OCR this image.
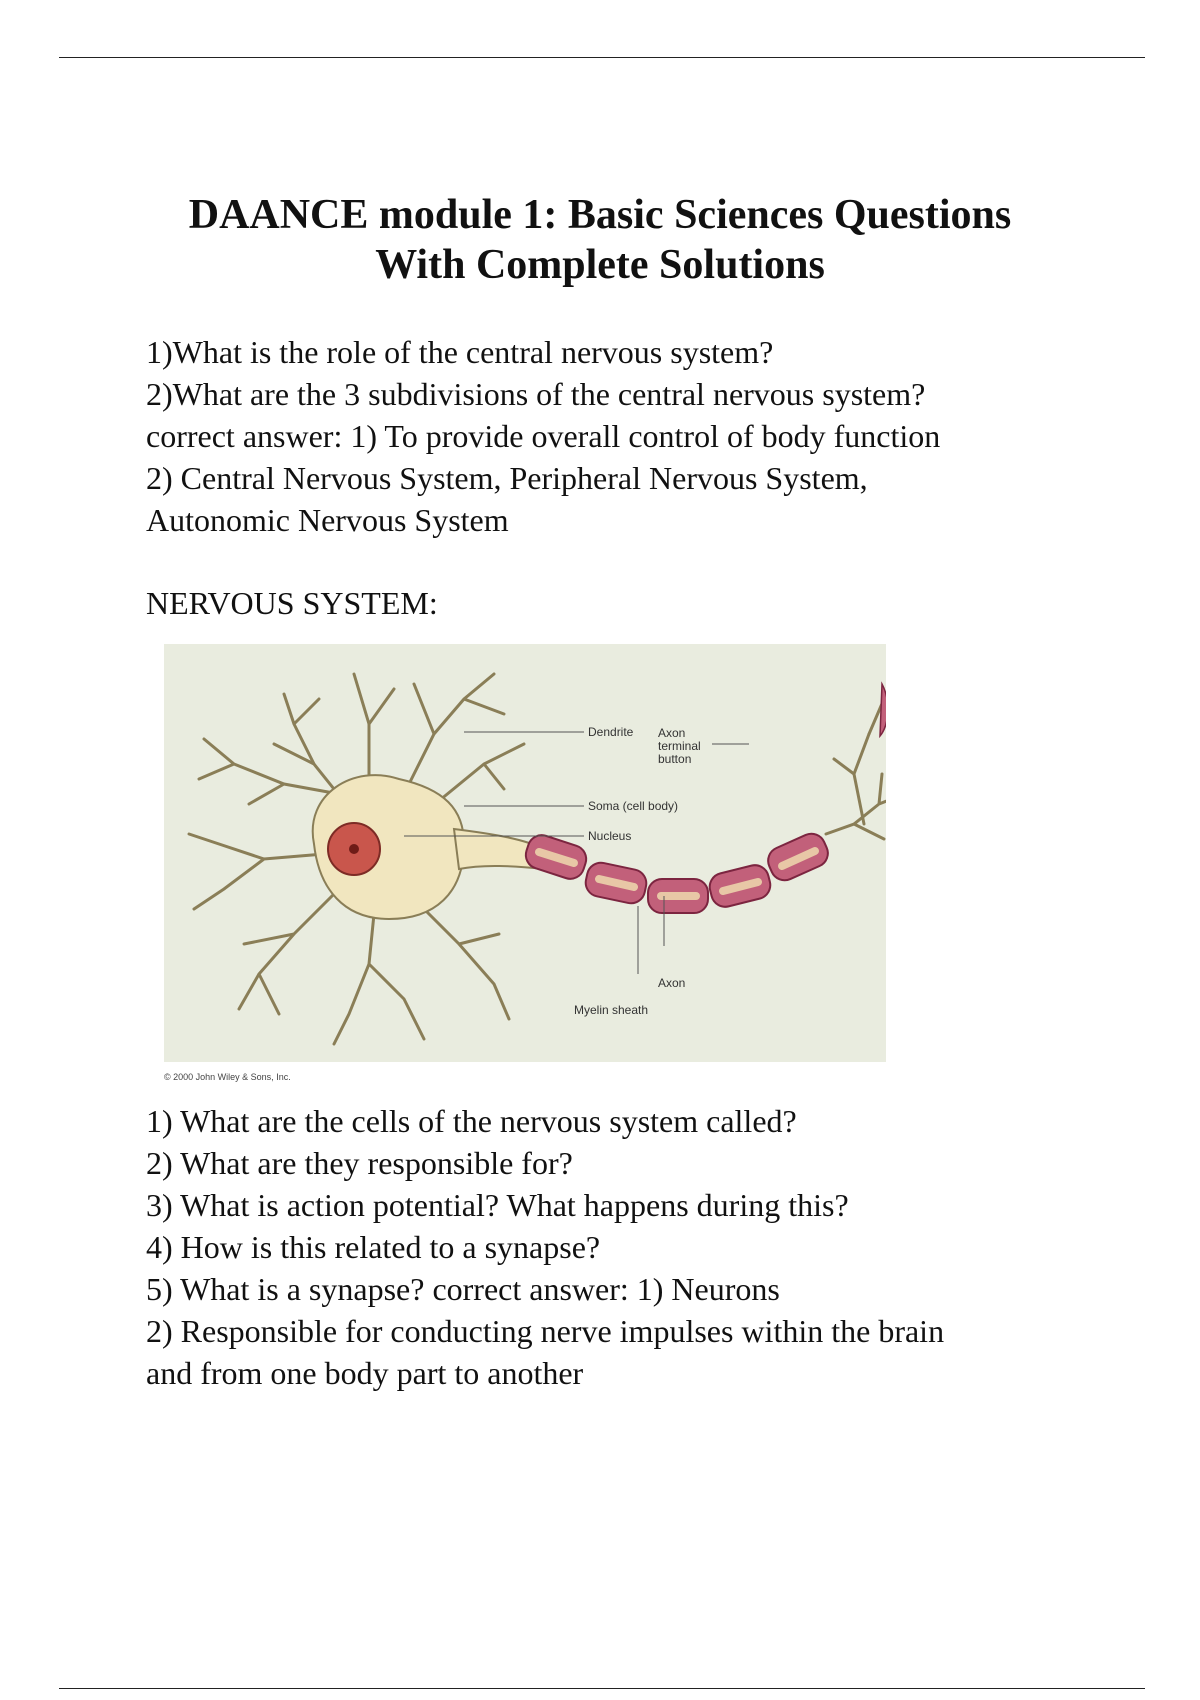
DAANCE module 1: Basic Sciences Questions
With Complete Solutions
1)What is the role of the central nervous system?
2)What are the 3 subdivisions of the central nervous system?
correct answer: 1) To provide overall control of body function
2) Central Nervous System, Peripheral Nervous System,
Autonomic Nervous System
NERVOUS SYSTEM:
Dendrite Axon
terminal
button
Soma (cell body)
Nucleus
Axon
Myelin sheath
© 2000 John Wiley & Sons, Inc.
1) What are the cells of the nervous system called?
2) What are they responsible for?
3) What is action potential? What happens during this?
4) How is this related to a synapse?
5) What is a synapse? correct answer: 1) Neurons
2) Responsible for conducting nerve impulses within the brain
and from one body part to another
